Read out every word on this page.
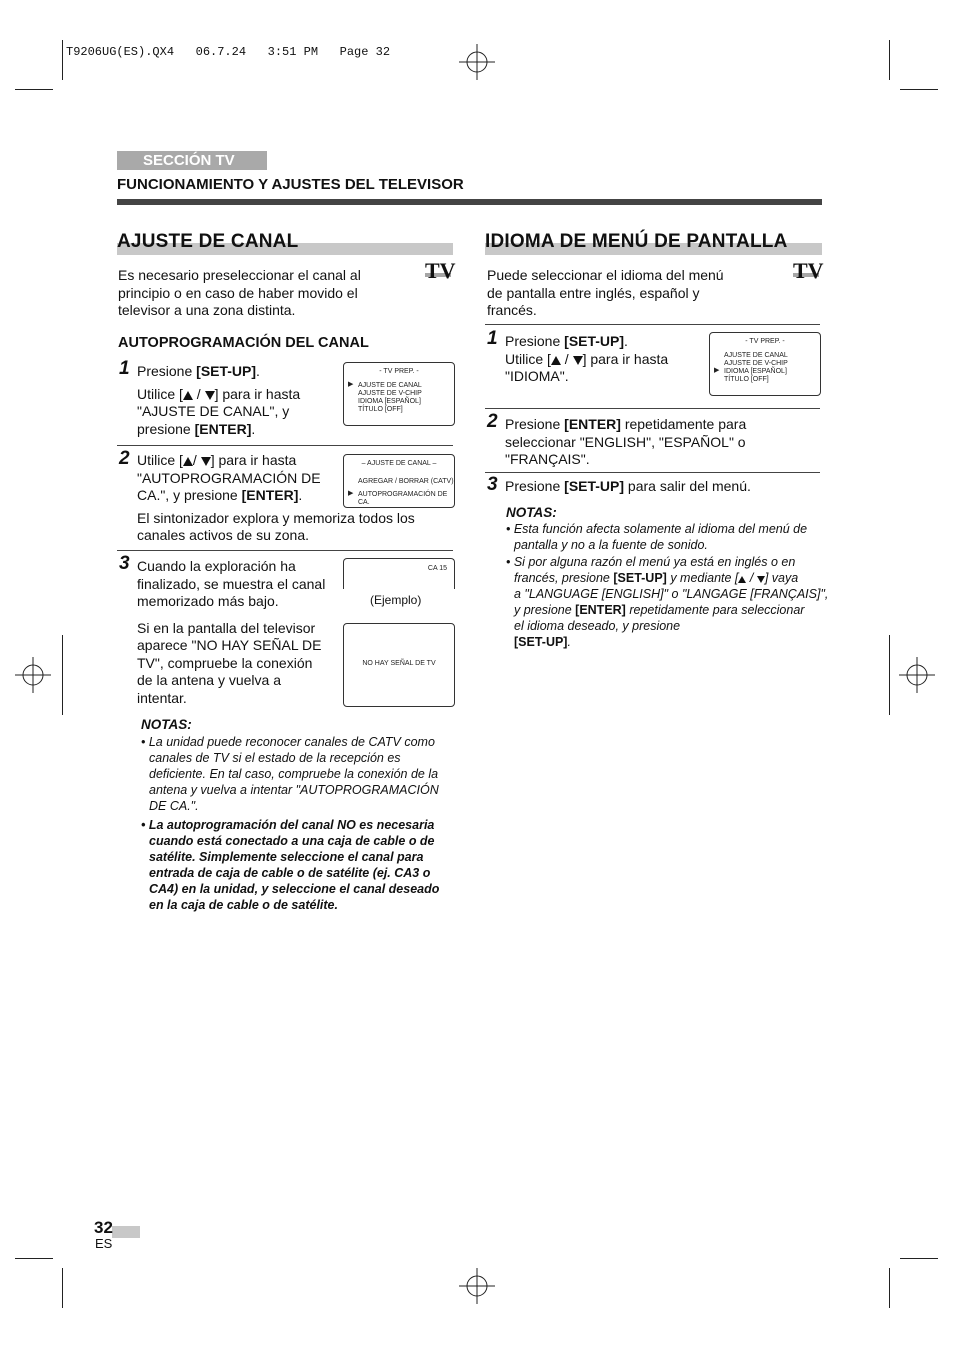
T9206UG(ES).QX4   06.7.24   3:51 PM   Page 32
SECCIÓN TV
FUNCIONAMIENTO Y AJUSTES DEL TELEVISOR
AJUSTE DE CANAL
TV
Es necesario preseleccionar el canal al
principio o en caso de haber movido el
televisor a una zona distinta.
AUTOPROGRAMACIÓN DEL CANAL
1 Presione [SET-UP].
Utilice [ / ] para ir hasta
"AJUSTE DE CANAL", y
presione [ENTER].
- TV PREP. -
▶ AJUSTE DE CANAL
AJUSTE DE V-CHIP
IDIOMA [ESPAÑOL]
TÍTULO [OFF]
2 Utilice [ / ] para ir hasta
"AUTOPROGRAMACIÓN DE
CA.", y presione [ENTER].
El sintonizador explora y memoriza todos los
canales activos de su zona.
– AJUSTE DE CANAL –
AGREGAR / BORRAR (CATV)
▶ AUTOPROGRAMACIÓN DE CA.
3 Cuando la exploración ha
finalizado, se muestra el canal
memorizado más bajo.
Si en la pantalla del televisor
aparece "NO HAY SEÑAL DE
TV", compruebe la conexión
de la antena y vuelva a
intentar.
CA 15
(Ejemplo)
NO HAY SEÑAL DE TV
NOTAS:
• La unidad puede reconocer canales de CATV como
canales de TV si el estado de la recepción es
deficiente. En tal caso, compruebe la conexión de la
antena y vuelva a intentar "AUTOPROGRAMACIÓN
DE CA.".
• La autoprogramación del canal NO es necesaria
cuando está conectado a una caja de cable o de
satélite. Simplemente seleccione el canal para
entrada de caja de cable o de satélite (ej. CA3 o
CA4) en la unidad, y seleccione el canal deseado
en la caja de cable o de satélite.
IDIOMA DE MENÚ DE PANTALLA
TV
Puede seleccionar el idioma del menú
de pantalla entre inglés, español y
francés.
1 Presione [SET-UP].
Utilice [ / ] para ir hasta
"IDIOMA".
- TV PREP. -
AJUSTE DE CANAL
AJUSTE DE V-CHIP
IDIOMA [ESPAÑOL]
TÍTULO [OFF]
▶
2 Presione [ENTER] repetidamente para
seleccionar "ENGLISH", "ESPAÑOL" o
"FRANÇAIS".
3 Presione [SET-UP] para salir del menú.
NOTAS:
• Esta función afecta solamente al idioma del menú de
pantalla y no a la fuente de sonido.
• Si por alguna razón el menú ya está en inglés o en
francés, presione [SET-UP] y mediante [ / ] vaya
a "LANGUAGE [ENGLISH]" o "LANGAGE [FRANÇAIS]",
y presione [ENTER] repetidamente para seleccionar
el idioma deseado, y presione
[SET-UP].
32
ES
